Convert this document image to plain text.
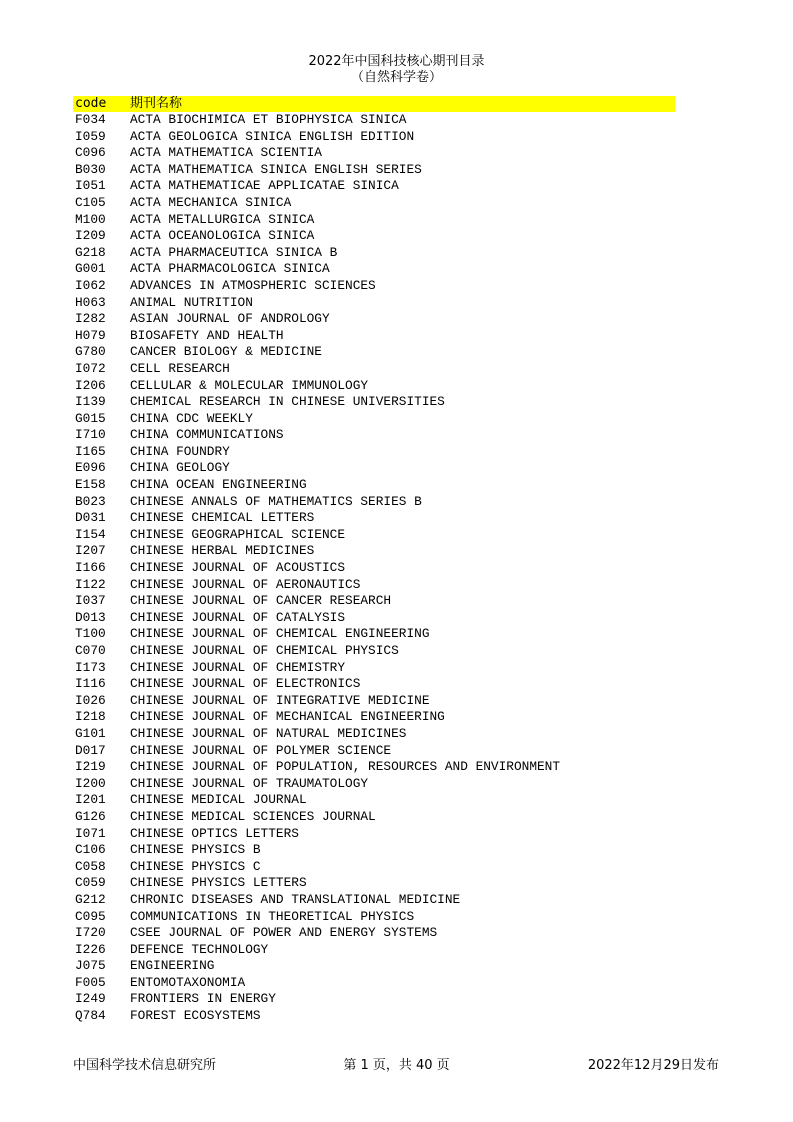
2022年中国科技核心期刊目录
（自然科学卷）
code 期刊名称
F034 ACTA BIOCHIMICA ET BIOPHYSICA SINICA
I059 ACTA GEOLOGICA SINICA ENGLISH EDITION
C096 ACTA MATHEMATICA SCIENTIA
B030 ACTA MATHEMATICA SINICA ENGLISH SERIES
I051 ACTA MATHEMATICAE APPLICATAE SINICA
C105 ACTA MECHANICA SINICA
M100 ACTA METALLURGICA SINICA
I209 ACTA OCEANOLOGICA SINICA
G218 ACTA PHARMACEUTICA SINICA B
G001 ACTA PHARMACOLOGICA SINICA
I062 ADVANCES IN ATMOSPHERIC SCIENCES
H063 ANIMAL NUTRITION
I282 ASIAN JOURNAL OF ANDROLOGY
H079 BIOSAFETY AND HEALTH
G780 CANCER BIOLOGY & MEDICINE
I072 CELL RESEARCH
I206 CELLULAR & MOLECULAR IMMUNOLOGY
I139 CHEMICAL RESEARCH IN CHINESE UNIVERSITIES
G015 CHINA CDC WEEKLY
I710 CHINA COMMUNICATIONS
I165 CHINA FOUNDRY
E096 CHINA GEOLOGY
E158 CHINA OCEAN ENGINEERING
B023 CHINESE ANNALS OF MATHEMATICS SERIES B
D031 CHINESE CHEMICAL LETTERS
I154 CHINESE GEOGRAPHICAL SCIENCE
I207 CHINESE HERBAL MEDICINES
I166 CHINESE JOURNAL OF ACOUSTICS
I122 CHINESE JOURNAL OF AERONAUTICS
I037 CHINESE JOURNAL OF CANCER RESEARCH
D013 CHINESE JOURNAL OF CATALYSIS
T100 CHINESE JOURNAL OF CHEMICAL ENGINEERING
C070 CHINESE JOURNAL OF CHEMICAL PHYSICS
I173 CHINESE JOURNAL OF CHEMISTRY
I116 CHINESE JOURNAL OF ELECTRONICS
I026 CHINESE JOURNAL OF INTEGRATIVE MEDICINE
I218 CHINESE JOURNAL OF MECHANICAL ENGINEERING
G101 CHINESE JOURNAL OF NATURAL MEDICINES
D017 CHINESE JOURNAL OF POLYMER SCIENCE
I219 CHINESE JOURNAL OF POPULATION, RESOURCES AND ENVIRONMENT
I200 CHINESE JOURNAL OF TRAUMATOLOGY
I201 CHINESE MEDICAL JOURNAL
G126 CHINESE MEDICAL SCIENCES JOURNAL
I071 CHINESE OPTICS LETTERS
C106 CHINESE PHYSICS B
C058 CHINESE PHYSICS C
C059 CHINESE PHYSICS LETTERS
G212 CHRONIC DISEASES AND TRANSLATIONAL MEDICINE
C095 COMMUNICATIONS IN THEORETICAL PHYSICS
I720 CSEE JOURNAL OF POWER AND ENERGY SYSTEMS
I226 DEFENCE TECHNOLOGY
J075 ENGINEERING
F005 ENTOMOTAXONOMIA
I249 FRONTIERS IN ENERGY
Q784 FOREST ECOSYSTEMS
中国科学技术信息研究所	第 1 页，共 40 页	2022年12月29日发布
